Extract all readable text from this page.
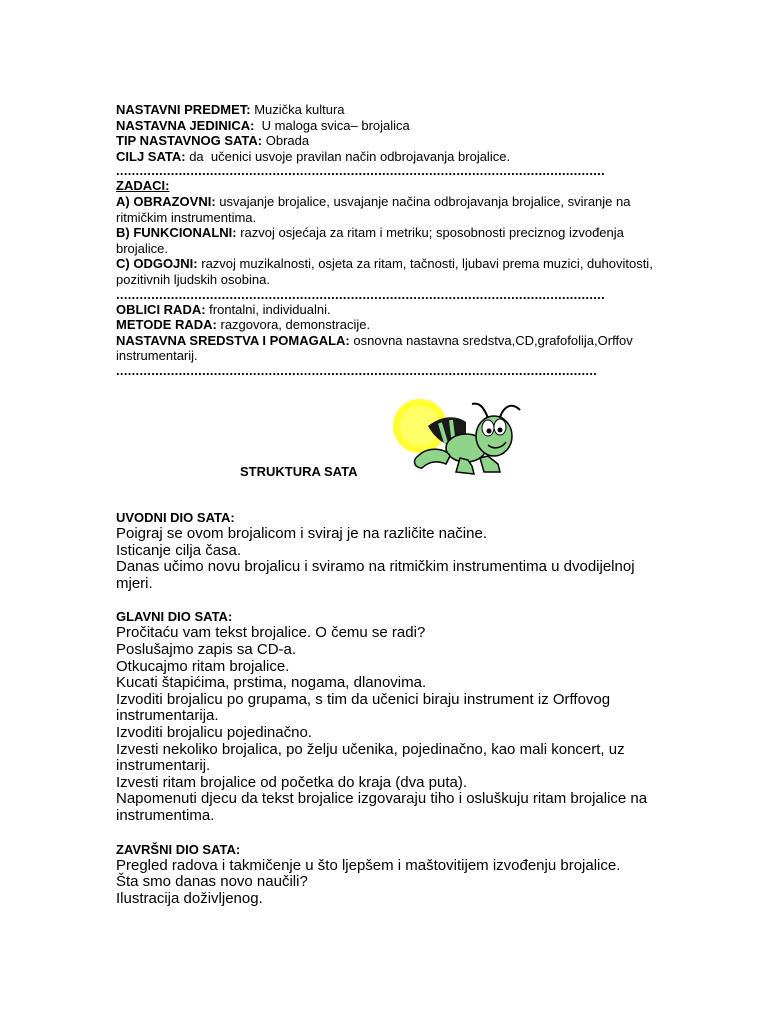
NASTAVNI PREDMET: Muzička kultura
NASTAVNA JEDINICA:  U maloga svica– brojalica
TIP NASTAVNOG SATA: Obrada
CILJ SATA: da  učenici usvoje pravilan način odbrojavanja brojalice.
.............................................................................................................................
ZADACI:
A) OBRAZOVNI: usvajanje brojalice, usvajanje načina odbrojavanja brojalice, sviranje na ritmičkim instrumentima.
B) FUNKCIONALNI: razvoj osjećaja za ritam i metriku; sposobnosti preciznog izvođenja brojalice.
C) ODGOJNI: razvoj muzikalnosti, osjeta za ritam, tačnosti, ljubavi prema muzici, duhovitosti, pozitivnih ljudskih osobina.
.............................................................................................................................
OBLICI RADA: frontalni, individualni.
METODE RADA: razgovora, demonstracije.
NASTAVNA SREDSTVA I POMAGALA: osnovna nastavna sredstva,CD,grafofolija,Orffov instrumentarij.
...........................................................................................................................
STRUKTURA SATA
UVODNI DIO SATA:
Poigraj se ovom brojalicom i sviraj je na različite načine.
Isticanje cilja časa.
Danas učimo novu brojalicu i sviramo na ritmičkim instrumentima u dvodijelnoj mjeri.
GLAVNI DIO SATA:
Pročitaću vam tekst brojalice. O čemu se radi?
Poslušajmo zapis sa CD-a.
Otkucajmo ritam brojalice.
Kucati štapićima, prstima, nogama, dlanovima.
Izvoditi brojalicu po grupama, s tim da učenici biraju instrument iz Orffovog instrumentarija.
Izvoditi brojalicu pojedinačno.
Izvesti nekoliko brojalica, po želju učenika, pojedinačno, kao mali koncert, uz instrumentarij.
Izvesti ritam brojalice od početka do kraja (dva puta).
Napomenuti djecu da tekst brojalice izgovaraju tiho i osluškuju ritam brojalice na instrumentima.
ZAVRŠNI DIO SATA:
Pregled radova i takmičenje u što ljepšem i maštovitijem izvođenju brojalice.
Šta smo danas novo naučili?
Ilustracija doživljenog.
